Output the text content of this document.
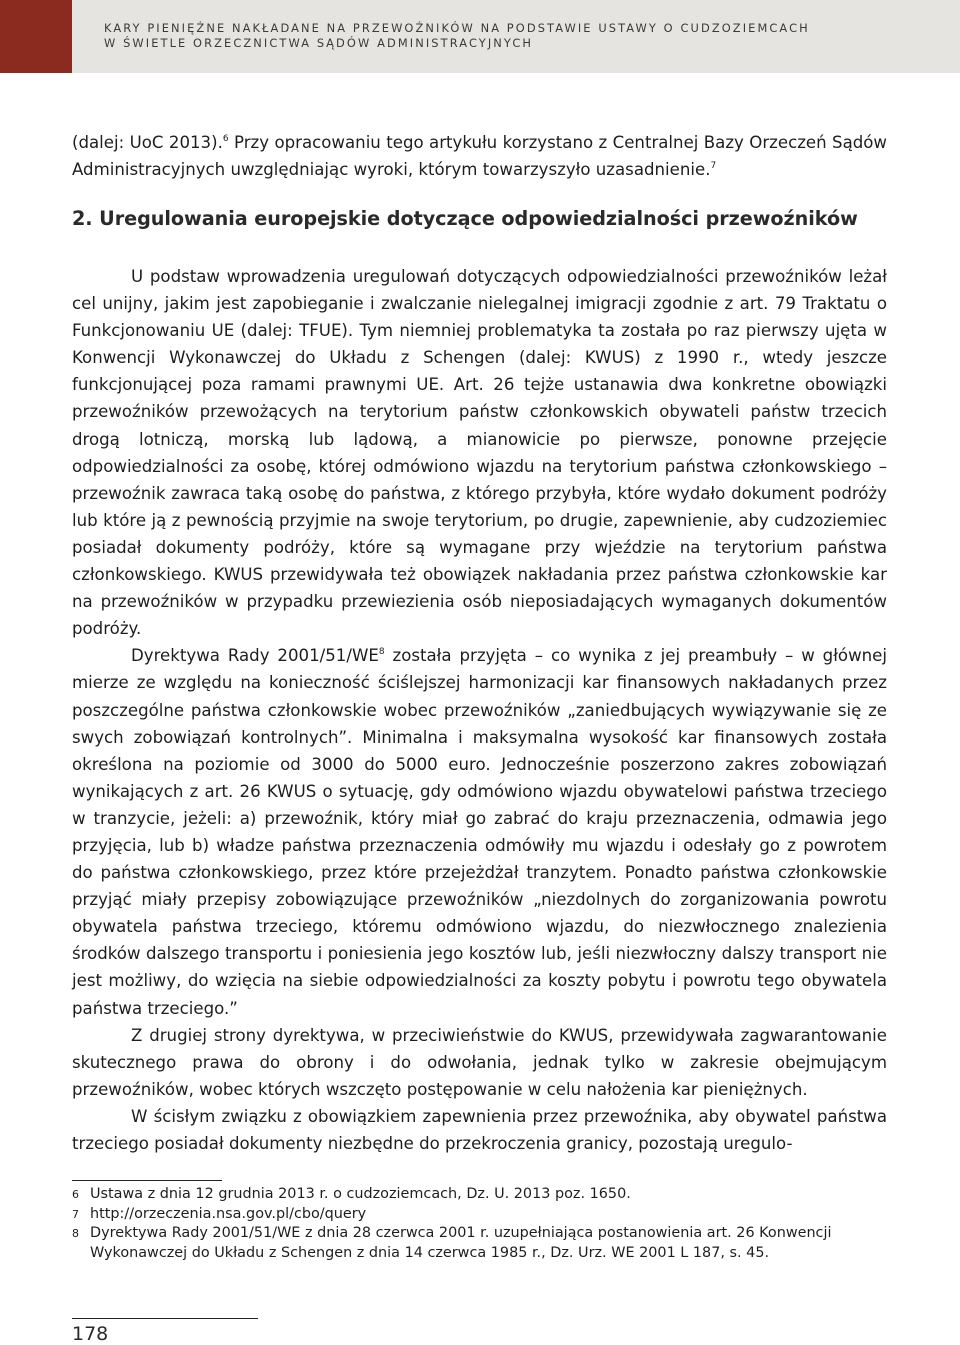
KARY PIENIĘŻNE NAKŁADANE NA PRZEWOŹNIKÓW NA PODSTAWIE USTAWY O CUDZOZIEMCACH
W ŚWIETLE ORZECZNICTWA SĄDÓW ADMINISTRACYJNYCH

(dalej: UoC 2013).$^6$ Przy opracowaniu tego artykułu korzystano z Centralnej Bazy Orzeczeń Sądów Administracyjnych uwzględniając wyroki, którym towarzyszyło uzasadnienie.$^7$

2. Uregulowania europejskie dotyczące odpowiedzialności przewoźników

U podstaw wprowadzenia uregulowań dotyczących odpowiedzialności przewoźników leżał cel unijny, jakim jest zapobieganie i zwalczanie nielegalnej imigracji zgodnie z art. 79 Traktatu o Funkcjonowaniu UE (dalej: TFUE). Tym niemniej problematyka ta została po raz pierwszy ujęta w Konwencji Wykonawczej do Układu z Schengen (dalej: KWUS) z 1990 r., wtedy jeszcze funkcjonującej poza ramami prawnymi UE. Art. 26 tejże ustanawia dwa konkretne obowiązki przewoźników przewożących na terytorium państw członkowskich obywateli państw trzecich drogą lotniczą, morską lub lądową, a mianowicie po pierwsze, ponowne przejęcie odpowiedzialności za osobę, której odmówiono wjazdu na terytorium państwa członkowskiego – przewoźnik zawraca taką osobę do państwa, z którego przybyła, które wydało dokument podróży lub które ją z pewnością przyjmie na swoje terytorium, po drugie, zapewnienie, aby cudzoziemiec posiadał dokumenty podróży, które są wymagane przy wjeździe na terytorium państwa członkowskiego. KWUS przewidywała też obowiązek nakładania przez państwa członkowskie kar na przewoźników w przypadku przewiezienia osób nieposiadających wymaganych dokumentów podróży.

Dyrektywa Rady $2001/51/WE^8$ została przyjęta – co wynika z jej preambuły – w głównej mierze ze względu na konieczność ściślejszej harmonizacji kar finansowych nakładanych przez poszczególne państwa członkowskie wobec przewoźników „zaniedbujących wywiązywanie się ze swych zobowiązań kontrolnych”. Minimalna i maksymalna wysokość kar finansowych została określona na poziomie od 3000 do 5000 euro. Jednocześnie poszerzono zakres zobowiązań wynikających z art. 26 KWUS o sytuację, gdy odmówiono wjazdu obywatelowi państwa trzeciego w tranzycie, jeżeli: a) przewoźnik, który miał go zabrać do kraju przeznaczenia, odmawia jego przyjęcia, lub b) władze państwa przeznaczenia odmówiły mu wjazdu i odesłały go z powrotem do państwa członkowskiego, przez które przejeżdżał tranzytem. Ponadto państwa członkowskie przyjąć miały przepisy zobowiązujące przewoźników „niezdolnych do zorganizowania powrotu obywatela państwa trzeciego, któremu odmówiono wjazdu, do niezwłocznego znalezienia środków dalszego transportu i poniesienia jego kosztów lub, jeśli niezwłoczny dalszy transport nie jest możliwy, do wzięcia na siebie odpowiedzialności za koszty pobytu i powrotu tego obywatela państwa trzeciego.”

Z drugiej strony dyrektywa, w przeciwieństwie do KWUS, przewidywała zagwarantowanie skutecznego prawa do obrony i do odwołania, jednak tylko w zakresie obejmującym przewoźników, wobec których wszczęto postępowanie w celu nałożenia kar pieniężnych.

W ścisłym związku z obowiązkiem zapewnienia przez przewoźnika, aby obywatel państwa trzeciego posiadał dokumenty niezbędne do przekroczenia granicy, pozostają uregulo-

6 Ustawa z dnia 12 grudnia 2013 r. o cudzoziemcach, Dz. U. 2013 poz. 1650.
7 http://orzeczenia.nsa.gov.pl/cbo/query
8 Dyrektywa Rady 2001/51/WE z dnia 28 czerwca 2001 r. uzupełniająca postanowienia art. 26 Konwencji Wykonawczej do Układu z Schengen z dnia 14 czerwca 1985 r., Dz. Urz. WE 2001 L 187, s. 45.
178
